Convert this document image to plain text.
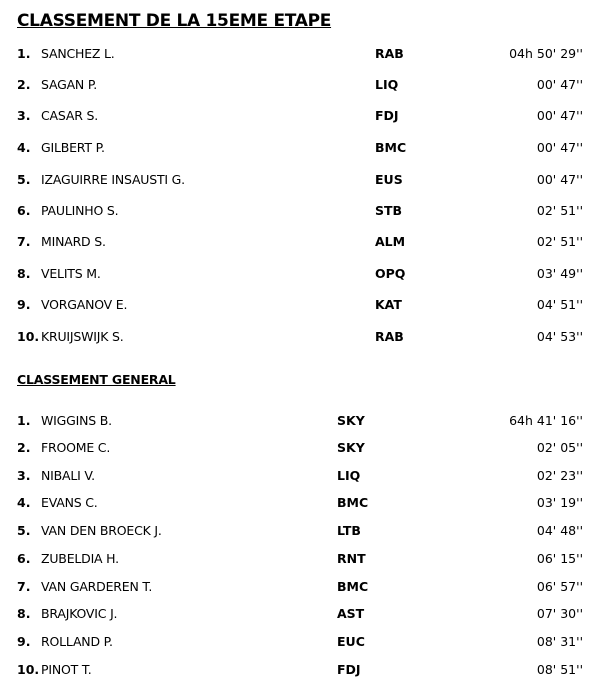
CLASSEMENT DE LA 15EME ETAPE
1. SANCHEZ L.	RAB	04h 50' 29''
2. SAGAN P.	LIQ	00' 47''
3. CASAR S.	FDJ	00' 47''
4. GILBERT P.	BMC	00' 47''
5. IZAGUIRRE INSAUSTI G.	EUS	00' 47''
6. PAULINHO S.	STB	02' 51''
7. MINARD S.	ALM	02' 51''
8. VELITS M.	OPQ	03' 49''
9. VORGANOV E.	KAT	04' 51''
10. KRUIJSWIJK S.	RAB	04' 53''
CLASSEMENT GENERAL
1. WIGGINS B.	SKY	64h 41' 16''
2. FROOME C.	SKY	02' 05''
3. NIBALI V.	LIQ	02' 23''
4. EVANS C.	BMC	03' 19''
5. VAN DEN BROECK J.	LTB	04' 48''
6. ZUBELDIA H.	RNT	06' 15''
7. VAN GARDEREN T.	BMC	06' 57''
8. BRAJKOVIC J.	AST	07' 30''
9. ROLLAND P.	EUC	08' 31''
10. PINOT T.	FDJ	08' 51''
